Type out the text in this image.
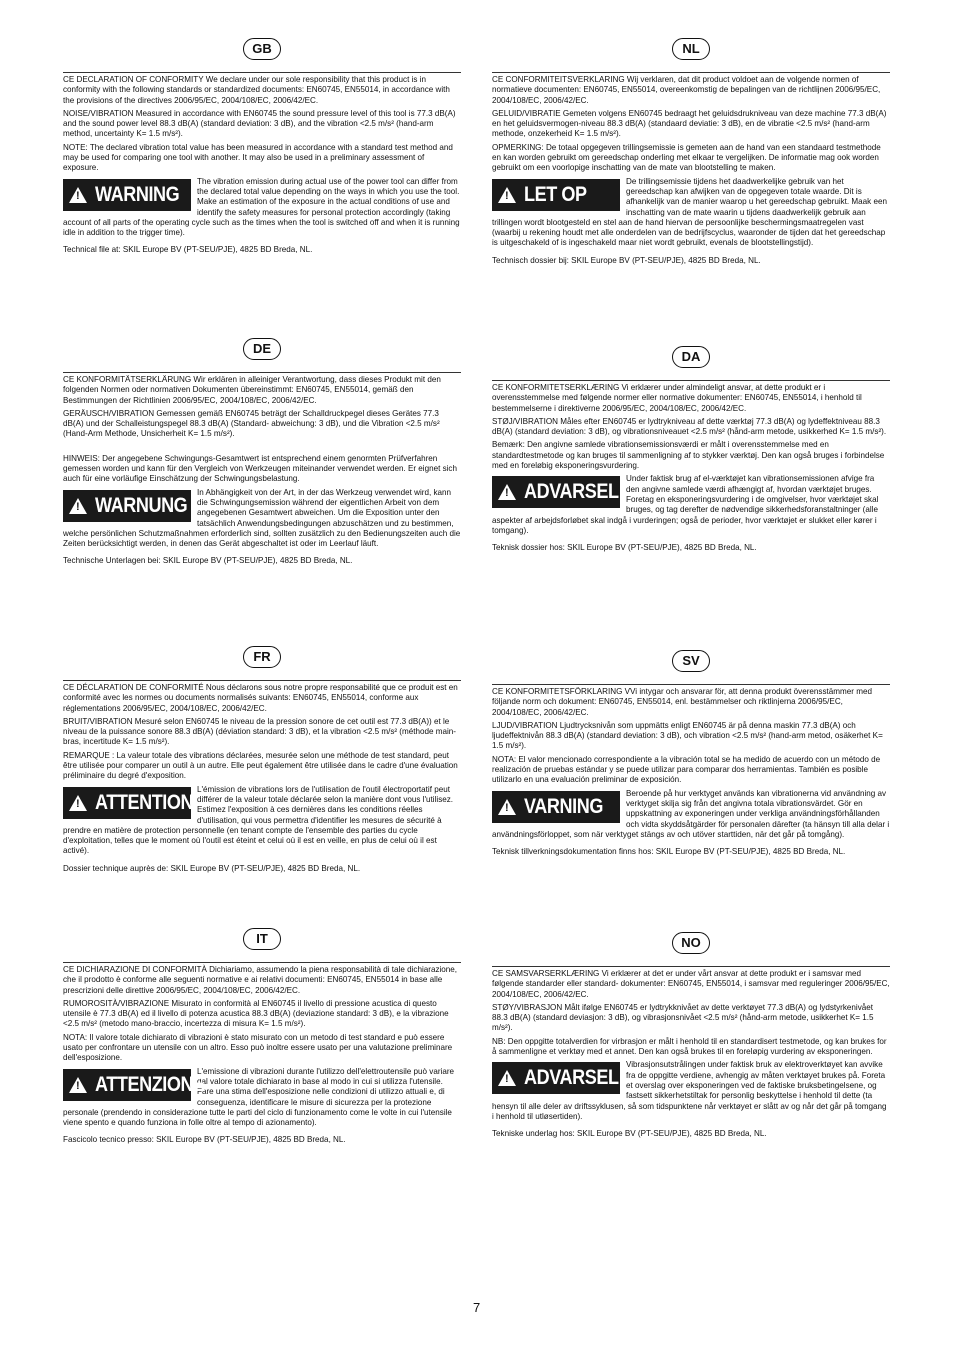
GB

CE DECLARATION OF CONFORMITY We declare under our sole responsibility that this product is in conformity with the following standards or standardized documents: EN60745, EN55014, in accordance with the provisions of the directives 2006/95/EC, 2004/108/EC, 2006/42/EC.

NOISE/VIBRATION Measured in accordance with EN60745 the sound pressure level of this tool is 77.3 dB(A) and the sound power level 88.3 dB(A) (standard deviation: 3 dB), and the vibration <2.5 m/s² (hand-arm method, uncertainty K= 1.5 m/s²).

NOTE: The declared vibration total value has been measured in accordance with a standard test method and may be used for comparing one tool with another. It may also be used in a preliminary assessment of exposure.

!
WARNING

The vibration emission during actual use of the power tool can differ from the declared total value depending on the ways in which you use the tool. Make an estimation of the exposure in the actual conditions of use and identify the safety measures for personal protection accordingly (taking account of all parts of the operating cycle such as the times when the tool is switched off and when it is running idle in addition to the trigger time).

Technical file at: SKIL Europe BV (PT-SEU/PJE), 4825 BD Breda, NL.

DE

CE KONFORMITÄTSERKLÄRUNG Wir erklären in alleiniger Verantwortung, dass dieses Produkt mit den folgenden Normen oder normativen Dokumenten übereinstimmt: EN60745, EN55014, gemäß den Bestimmungen der Richtlinien 2006/95/EC, 2004/108/EC, 2006/42/EC.

GERÄUSCH/VIBRATION Gemessen gemäß EN60745 beträgt der Schalldruckpegel dieses Gerätes 77.3 dB(A) und der Schalleistungspegel 88.3 dB(A) (Standard- abweichung: 3 dB), und die Vibration <2.5 m/s² (Hand-Arm Methode, Unsicherheit K= 1.5 m/s²).

HINWEIS: Der angegebene Schwingungs-Gesamtwert ist entsprechend einem genormten Prüfverfahren gemessen worden und kann für den Vergleich von Werkzeugen miteinander verwendet werden. Er eignet sich auch für eine vorläufige Einschätzung der Schwingungsbelastung.

!
WARNUNG

In Abhängigkeit von der Art, in der das Werkzeug verwendet wird, kann die Schwingungsemission während der eigentlichen Arbeit von dem angegebenen Gesamtwert abweichen. Um die Exposition unter den tatsächlich Anwendungsbedingungen abzuschätzen und zu bestimmen, welche persönlichen Schutzmaßnahmen erforderlich sind, sollten zusätzlich zu den Bedienungszeiten auch die Zeiten berücksichtigt werden, in denen das Gerät abgeschaltet ist oder im Leerlauf läuft.

Technische Unterlagen bei: SKIL Europe BV (PT-SEU/PJE), 4825 BD Breda, NL.

FR

CE DÉCLARATION DE CONFORMITÉ Nous déclarons sous notre propre responsabilité que ce produit est en conformité avec les normes ou documents normalisés suivants: EN60745, EN55014, conforme aux réglementations 2006/95/EC, 2004/108/EC, 2006/42/EC.

BRUIT/VIBRATION Mesuré selon EN60745 le niveau de la pression sonore de cet outil est 77.3 dB(A)) et le niveau de la puissance sonore 88.3 dB(A) (déviation standard: 3 dB), et la vibration <2.5 m/s² (méthode main-bras, incertitude K= 1.5 m/s²).

REMARQUE : La valeur totale des vibrations déclarées, mesurée selon une méthode de test standard, peut être utilisée pour comparer un outil à un autre. Elle peut également être utilisée dans le cadre d'une évaluation préliminaire du degré d'exposition.

!
ATTENTION

L'émission de vibrations lors de l'utilisation de l'outil électroportatif peut différer de la valeur totale déclarée selon la manière dont vous l'utilisez. Estimez l'exposition à ces dernières dans les conditions réelles d'utilisation, qui vous permettra d'identifier les mesures de sécurité à prendre en matière de protection personnelle (en tenant compte de l'ensemble des parties du cycle d'exploitation, telles que le moment où l'outil est éteint et celui où il est en veille, en plus de celui où il est activé).

Dossier technique auprès de: SKIL Europe BV (PT-SEU/PJE), 4825 BD Breda, NL.

IT

CE DICHIARAZIONE DI CONFORMITÀ Dichiariamo, assumendo la piena responsabilità di tale dichiarazione, che il prodotto è conforme alle seguenti normative e ai relativi documenti: EN60745, EN55014 in base alle prescrizioni delle direttive 2006/95/EC, 2004/108/EC, 2006/42/EC.

RUMOROSITÀ/VIBRAZIONE Misurato in conformità al EN60745 il livello di pressione acustica di questo utensile è 77.3 dB(A) ed il livello di potenza acustica 88.3 dB(A) (deviazione standard: 3 dB), e la vibrazione <2.5 m/s² (metodo mano-braccio, incertezza di misura K= 1.5 m/s²).

NOTA: Il valore totale dichiarato di vibrazioni è stato misurato con un metodo di test standard e può essere usato per confrontare un utensile con un altro. Esso può inoltre essere usato per una valutazione preliminare dell'esposizione.

!
ATTENZIONE

L'emissione di vibrazioni durante l'utilizzo dell'elettroutensile può variare dal valore totale dichiarato in base al modo in cui si utilizza l'utensile. Fare una stima dell'esposizione nelle condizioni di utilizzo attuali e, di conseguenza, identificare le misure di sicurezza per la protezione personale (prendendo in considerazione tutte le parti del ciclo di funzionamento come le volte in cui l'utensile viene spento e quando funziona in folle oltre al tempo di azionamento).

Fascicolo tecnico presso: SKIL Europe BV (PT-SEU/PJE), 4825 BD Breda, NL.

NL

CE CONFORMITEITSVERKLARING Wij verklaren, dat dit product voldoet aan de volgende normen of normatieve documenten: EN60745, EN55014, overeenkomstig de bepalingen van de richtlijnen 2006/95/EC, 2004/108/EC, 2006/42/EC.

GELUID/VIBRATIE Gemeten volgens EN60745 bedraagt het geluidsdrukniveau van deze machine 77.3 dB(A) en het geluidsvermogen-niveau 88.3 dB(A) (standaard deviatie: 3 dB), en de vibratie <2.5 m/s² (hand-arm methode, onzekerheid K= 1.5 m/s²).

OPMERKING: De totaal opgegeven trillingsemissie is gemeten aan de hand van een standaard testmethode en kan worden gebruikt om gereedschap onderling met elkaar te vergelijken. De informatie mag ook worden gebruikt om een voorlopige inschatting van de mate van blootstelling te maken.

!
LET OP

De trillingsemissie tijdens het daadwerkelijke gebruik van het gereedschap kan afwijken van de opgegeven totale waarde. Dit is afhankelijk van de manier waarop u het gereedschap gebruikt. Maak een inschatting van de mate waarin u tijdens daadwerkelijk gebruik aan trillingen wordt blootgesteld en stel aan de hand hiervan de persoonlijke beschermingsmaatregelen vast (waarbij u rekening houdt met alle onderdelen van de bedrijfscyclus, waaronder de tijden dat het gereedschap is uitgeschakeld of is ingeschakeld maar niet wordt gebruikt, evenals de blootstellingstijd).

Technisch dossier bij: SKIL Europe BV (PT-SEU/PJE), 4825 BD Breda, NL.

DA

CE KONFORMITETSERKLÆRING Vi erklærer under almindeligt ansvar, at dette produkt er i overensstemmelse med følgende normer eller normative dokumenter: EN60745, EN55014, i henhold til bestemmelserne i direktiverne 2006/95/EC, 2004/108/EC, 2006/42/EC.

STØJ/VIBRATION Måles efter EN60745 er lydtrykniveau af dette værktøj 77.3 dB(A) og lydeffektniveau 88.3 dB(A) (standard deviation: 3 dB), og vibrationsniveauet <2.5 m/s² (hånd-arm metode, usikkerhed K= 1.5 m/s²).

Bemærk: Den angivne samlede vibrationsemissionsværdi er målt i overensstemmelse med en standardtestmetode og kan bruges til sammenligning af to stykker værktøj. Den kan også bruges i forbindelse med en foreløbig eksponeringsvurdering.

!
ADVARSEL

Under faktisk brug af el-værktøjet kan vibrationsemissionen afvige fra den angivne samlede værdi afhængigt af, hvordan værktøjet bruges. Foretag en eksponeringsvurdering i de omgivelser, hvor værktøjet skal bruges, og tag derefter de nødvendige sikkerhedsforanstaltninger (alle aspekter af arbejdsforløbet skal indgå i vurderingen; også de perioder, hvor værktøjet er slukket eller kører i tomgang).

Teknisk dossier hos: SKIL Europe BV (PT-SEU/PJE), 4825 BD Breda, NL.

SV

CE KONFORMITETSFÖRKLARING VVi intygar och ansvarar för, att denna produkt överensstämmer med följande norm och dokument: EN60745, EN55014, enl. bestämmelser och riktlinjerna 2006/95/EC, 2004/108/EC, 2006/42/EC.

LJUD/VIBRATION Ljudtrycksnivån som uppmätts enligt EN60745 är på denna maskin 77.3 dB(A) och ljudeffektnivån 88.3 dB(A) (standard deviation: 3 dB), och vibration <2.5 m/s² (hand-arm metod, osäkerhet K= 1.5 m/s²).

NOTA: El valor mencionado correspondiente a la vibración total se ha medido de acuerdo con un método de realización de pruebas estándar y se puede utilizar para comparar dos herramientas. También es posible utilizarlo en una evaluación preliminar de exposición.

!
VARNING

Beroende på hur verktyget används kan vibrationerna vid användning av verktyget skilja sig från det angivna totala vibrationsvärdet. Gör en uppskattning av exponeringen under verkliga användningsförhållanden och vidta skyddsåtgärder för personalen därefter (ta hänsyn till alla delar i användningsförloppet, som när verktyget stängs av och utöver starttiden, när det går på tomgång).

Teknisk tillverkningsdokumentation finns hos: SKIL Europe BV (PT-SEU/PJE), 4825 BD Breda, NL.

NO

CE SAMSVARSERKLÆRING Vi erklærer at det er under vårt ansvar at dette produkt er i samsvar med følgende standarder eller standard- dokumenter: EN60745, EN55014, i samsvar med reguleringer 2006/95/EC, 2004/108/EC, 2006/42/EC.

STØY/VIBRASJON Målt ifølge EN60745 er lydtrykknivået av dette verktøyet 77.3 dB(A) og lydstyrkenivået 88.3 dB(A) (standard deviasjon: 3 dB), og vibrasjonsnivået <2.5 m/s² (hånd-arm metode, usikkerhet K= 1.5 m/s²).

NB: Den oppgitte totalverdien for virbrasjon er målt i henhold til en standardisert testmetode, og kan brukes for å sammenligne et verktøy med et annet. Den kan også brukes til en foreløpig vurdering av eksponeringen.

!
ADVARSEL

Vibrasjonsutstrålingen under faktisk bruk av elektroverktøyet kan avvike fra de oppgitte verdiene, avhengig av måten verktøyet brukes på. Foreta et overslag over eksponeringen ved de faktiske bruksbetingelsene, og fastsett sikkerhetstiltak for personlig beskyttelse i henhold til dette (ta hensyn til alle deler av driftssyklusen, så som tidspunktene når verktøyet er slått av og når det går på tomgang i henhold til utløsertiden).

Tekniske underlag hos: SKIL Europe BV (PT-SEU/PJE), 4825 BD Breda, NL.

7
